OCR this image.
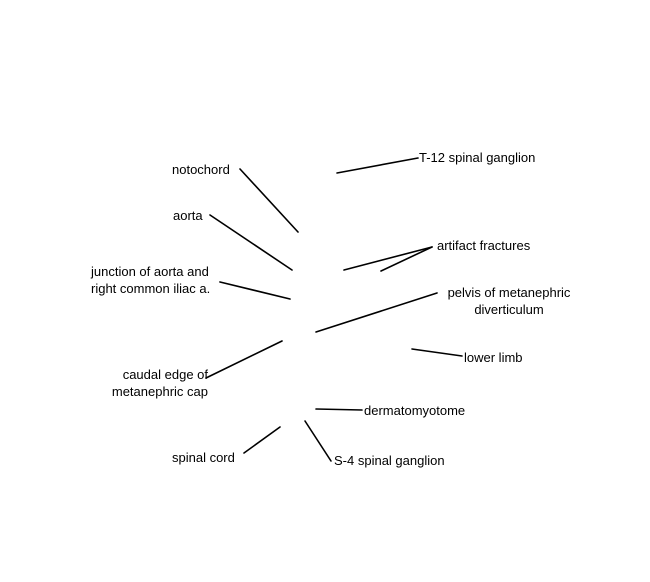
notochord
aorta
junction of aorta and
right common iliac a.
caudal edge of
metanephric cap
spinal cord
T-12 spinal ganglion
artifact fractures
pelvis of metanephric
diverticulum
lower limb
dermatomyotome
S-4 spinal ganglion
